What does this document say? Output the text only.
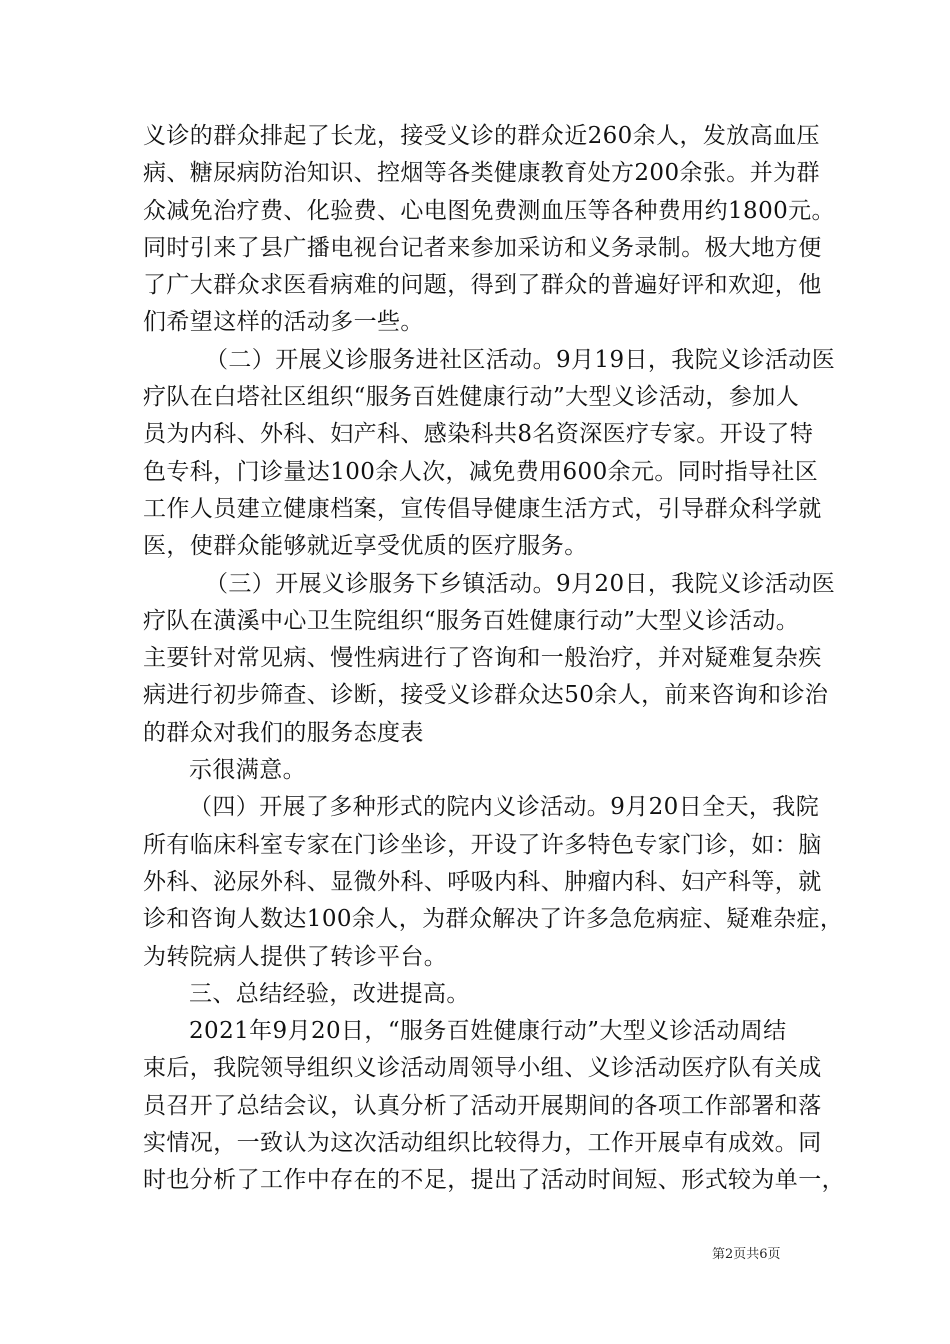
义诊的群众排起了长龙，接受义诊的群众近260余人，发放高血压
病、糖尿病防治知识、控烟等各类健康教育处方200余张。并为群
众减免治疗费、化验费、心电图免费测血压等各种费用约1800元。
同时引来了县广播电视台记者来参加采访和义务录制。极大地方便
了广大群众求医看病难的问题，得到了群众的普遍好评和欢迎，他
们希望这样的活动多一些。
（二）开展义诊服务进社区活动。9月19日，我院义诊活动医
疗队在白塔社区组织“服务百姓健康行动”大型义诊活动，参加人
员为内科、外科、妇产科、感染科共8名资深医疗专家。开设了特
色专科，门诊量达100余人次，减免费用600余元。同时指导社区
工作人员建立健康档案，宣传倡导健康生活方式，引导群众科学就
医，使群众能够就近享受优质的医疗服务。
（三）开展义诊服务下乡镇活动。9月20日，我院义诊活动医
疗队在潢溪中心卫生院组织“服务百姓健康行动”大型义诊活动。
主要针对常见病、慢性病进行了咨询和一般治疗，并对疑难复杂疾
病进行初步筛查、诊断，接受义诊群众达50余人，前来咨询和诊治
的群众对我们的服务态度表
示很满意。
（四）开展了多种形式的院内义诊活动。9月20日全天，我院
所有临床科室专家在门诊坐诊，开设了许多特色专家门诊，如：脑
外科、泌尿外科、显微外科、呼吸内科、肿瘤内科、妇产科等，就
诊和咨询人数达100余人，为群众解决了许多急危病症、疑难杂症，
为转院病人提供了转诊平台。
三、总结经验，改进提高。
2021年9月20日，“服务百姓健康行动”大型义诊活动周结
束后，我院领导组织义诊活动周领导小组、义诊活动医疗队有关成
员召开了总结会议，认真分析了活动开展期间的各项工作部署和落
实情况，一致认为这次活动组织比较得力，工作开展卓有成效。同
时也分析了工作中存在的不足，提出了活动时间短、形式较为单一，
第2页共6页
